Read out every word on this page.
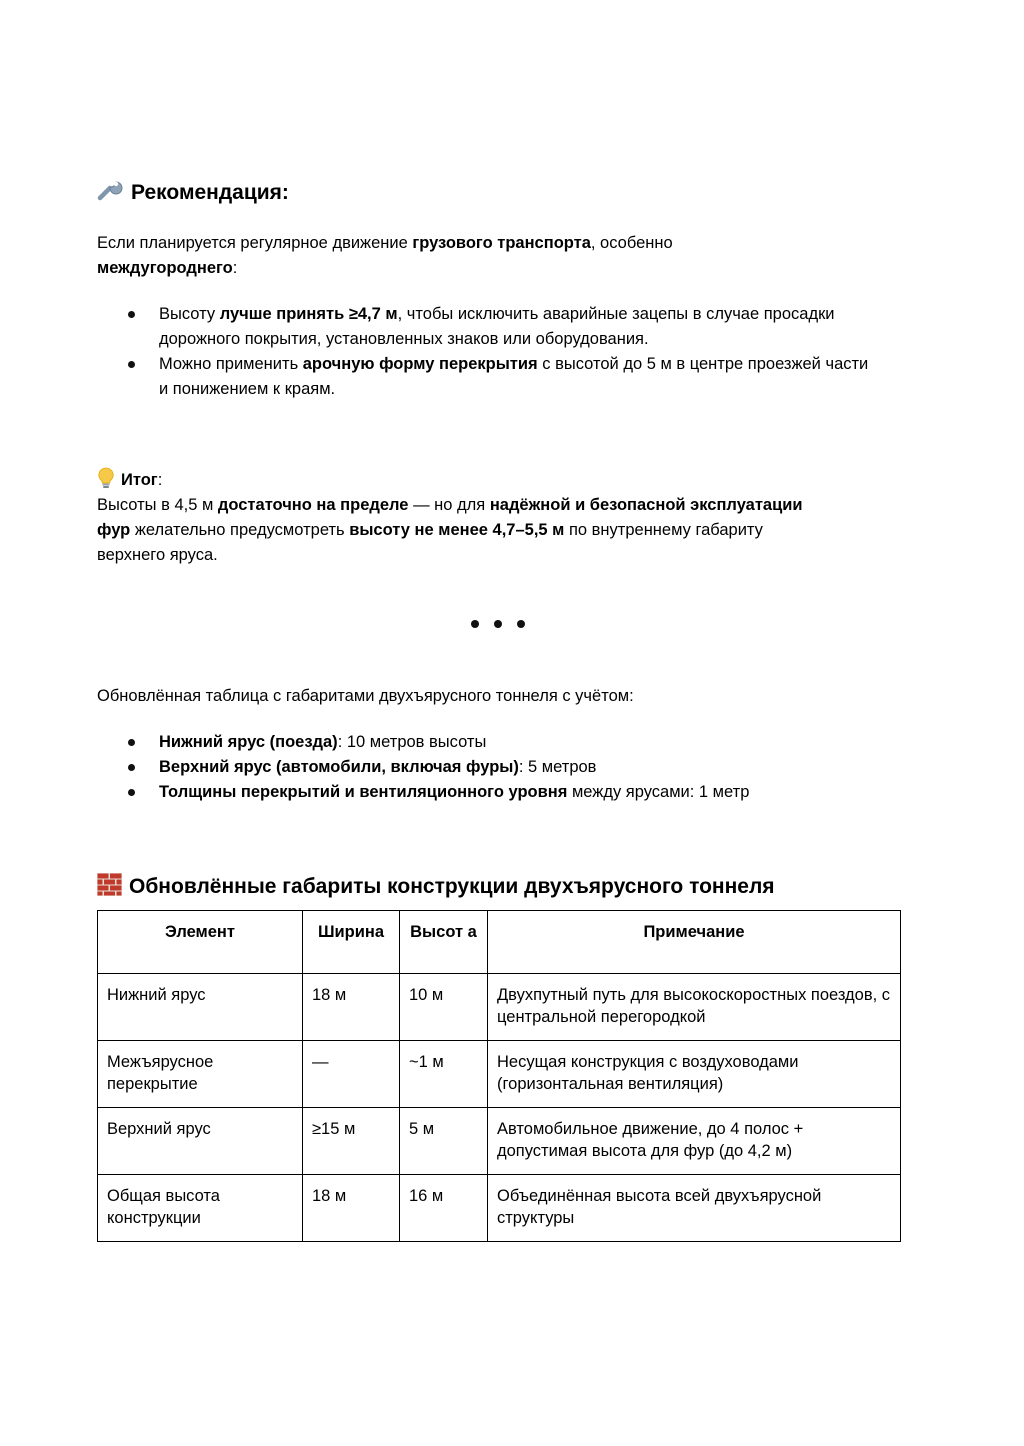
Рекомендация:

Если планируется регулярное движение грузового транспорта, особенно
междугороднего:

Высоту лучше принять ≥4,7 м, чтобы исключить аварийные зацепы в случае просадки дорожного покрытия, установленных знаков или оборудования.
Можно применить арочную форму перекрытия с высотой до 5 м в центре проезжей части и понижением к краям.

Итог:
Высоты в 4,5 м достаточно на пределе — но для надёжной и безопасной эксплуатации фур желательно предусмотреть высоту не менее 4,7–5,5 м по внутреннему габариту верхнего яруса.

Обновлённая таблица с габаритами двухъярусного тоннеля с учётом:

Нижний ярус (поезда): 10 метров высоты
Верхний ярус (автомобили, включая фуры): 5 метров
Толщины перекрытий и вентиляционного уровня между ярусами: 1 метр
Обновлённые габариты конструкции двухъярусного тоннеля
Элемент	Ширина	Высот а	Примечание
Нижний ярус	18 м	10 м	Двухпутный путь для высокоскоростных поездов, с центральной перегородкой
Межъярусное перекрытие	—	~1 м	Несущая конструкция с воздуховодами (горизонтальная вентиляция)
Верхний ярус	≥15 м	5 м	Автомобильное движение, до 4 полос + допустимая высота для фур (до 4,2 м)
Общая высота конструкции	18 м	16 м	Объединённая высота всей двухъярусной структуры
